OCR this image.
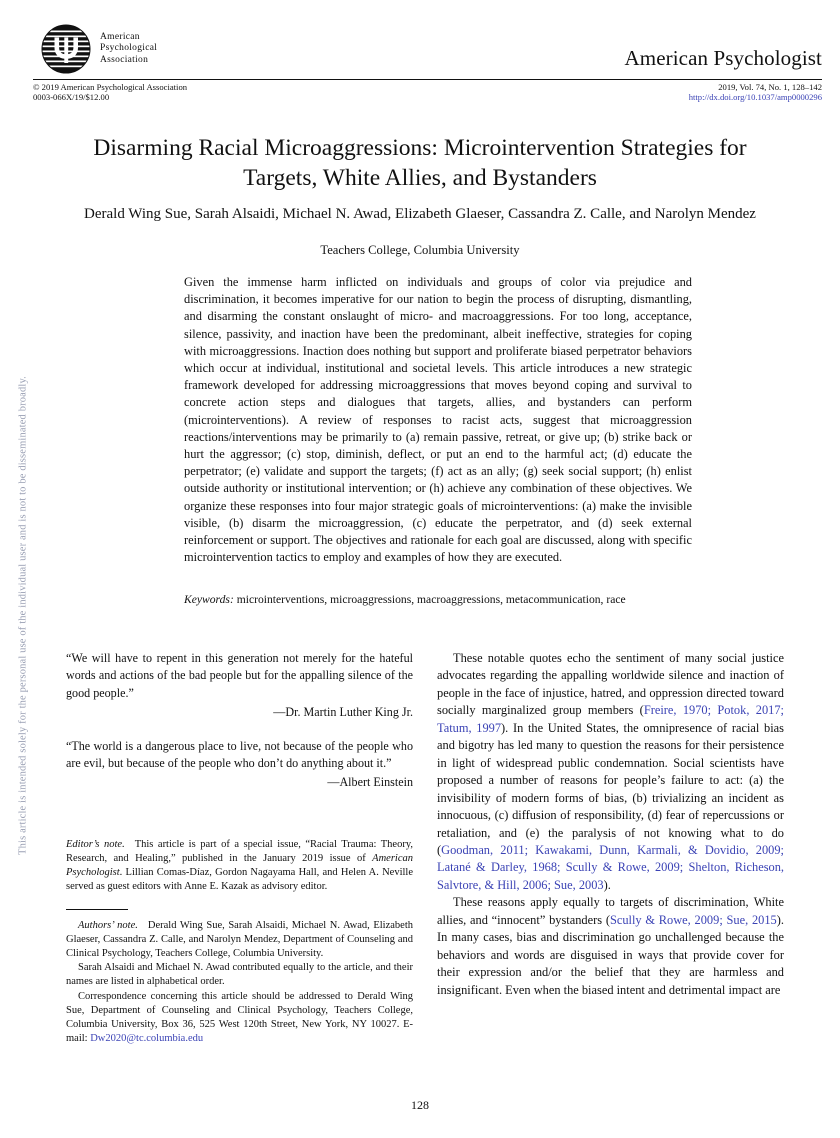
This article is intended solely for the personal use of the individual user and is not to be disseminated broadly.
American
Psychological
Association	American Psychologist
© 2019 American Psychological Association
0003-066X/19/$12.00
2019, Vol. 74, No. 1, 128–142
http://dx.doi.org/10.1037/amp0000296
Disarming Racial Microaggressions: Microintervention Strategies for Targets, White Allies, and Bystanders
Derald Wing Sue, Sarah Alsaidi, Michael N. Awad, Elizabeth Glaeser, Cassandra Z. Calle, and Narolyn Mendez
Teachers College, Columbia University
Given the immense harm inflicted on individuals and groups of color via prejudice and discrimination, it becomes imperative for our nation to begin the process of disrupting, dismantling, and disarming the constant onslaught of micro- and macroaggressions. For too long, acceptance, silence, passivity, and inaction have been the predominant, albeit ineffective, strategies for coping with microaggressions. Inaction does nothing but support and proliferate biased perpetrator behaviors which occur at individual, institutional and societal levels. This article introduces a new strategic framework developed for addressing microaggressions that moves beyond coping and survival to concrete action steps and dialogues that targets, allies, and bystanders can perform (microinterventions). A review of responses to racist acts, suggest that microaggression reactions/interventions may be primarily to (a) remain passive, retreat, or give up; (b) strike back or hurt the aggressor; (c) stop, diminish, deflect, or put an end to the harmful act; (d) educate the perpetrator; (e) validate and support the targets; (f) act as an ally; (g) seek social support; (h) enlist outside authority or institutional intervention; or (h) achieve any combination of these objectives. We organize these responses into four major strategic goals of microinterventions: (a) make the invisible visible, (b) disarm the microaggression, (c) educate the perpetrator, and (d) seek external reinforcement or support. The objectives and rationale for each goal are discussed, along with specific microintervention tactics to employ and examples of how they are executed.
Keywords: microinterventions, microaggressions, macroaggressions, metacommunication, race

“We will have to repent in this generation not merely for the hateful words and actions of the bad people but for the appalling silence of the good people.”

—Dr. Martin Luther King Jr.

“The world is a dangerous place to live, not because of the people who are evil, but because of the people who don’t do anything about it.”

—Albert Einstein

Editor’s note. This article is part of a special issue, “Racial Trauma: Theory, Research, and Healing,” published in the January 2019 issue of American Psychologist. Lillian Comas-Díaz, Gordon Nagayama Hall, and Helen A. Neville served as guest editors with Anne E. Kazak as advisory editor.

Authors’ note. Derald Wing Sue, Sarah Alsaidi, Michael N. Awad, Elizabeth Glaeser, Cassandra Z. Calle, and Narolyn Mendez, Department of Counseling and Clinical Psychology, Teachers College, Columbia University.

Sarah Alsaidi and Michael N. Awad contributed equally to the article, and their names are listed in alphabetical order.

Correspondence concerning this article should be addressed to Derald Wing Sue, Department of Counseling and Clinical Psychology, Teachers College, Columbia University, Box 36, 525 West 120th Street, New York, NY 10027. E-mail: Dw2020@tc.columbia.edu

These notable quotes echo the sentiment of many social justice advocates regarding the appalling worldwide silence and inaction of people in the face of injustice, hatred, and oppression directed toward socially marginalized group members (Freire, 1970; Potok, 2017; Tatum, 1997). In the United States, the omnipresence of racial bias and bigotry has led many to question the reasons for their persistence in light of widespread public condemnation. Social scientists have proposed a number of reasons for people’s failure to act: (a) the invisibility of modern forms of bias, (b) trivializing an incident as innocuous, (c) diffusion of responsibility, (d) fear of repercussions or retaliation, and (e) the paralysis of not knowing what to do (Goodman, 2011; Kawakami, Dunn, Karmali, & Dovidio, 2009; Latané & Darley, 1968; Scully & Rowe, 2009; Shelton, Richeson, Salvtore, & Hill, 2006; Sue, 2003).

These reasons apply equally to targets of discrimination, White allies, and “innocent” bystanders (Scully & Rowe, 2009; Sue, 2015). In many cases, bias and discrimination go unchallenged because the behaviors and words are disguised in ways that provide cover for their expression and/or the belief that they are harmless and insignificant. Even when the biased intent and detrimental impact are

128
